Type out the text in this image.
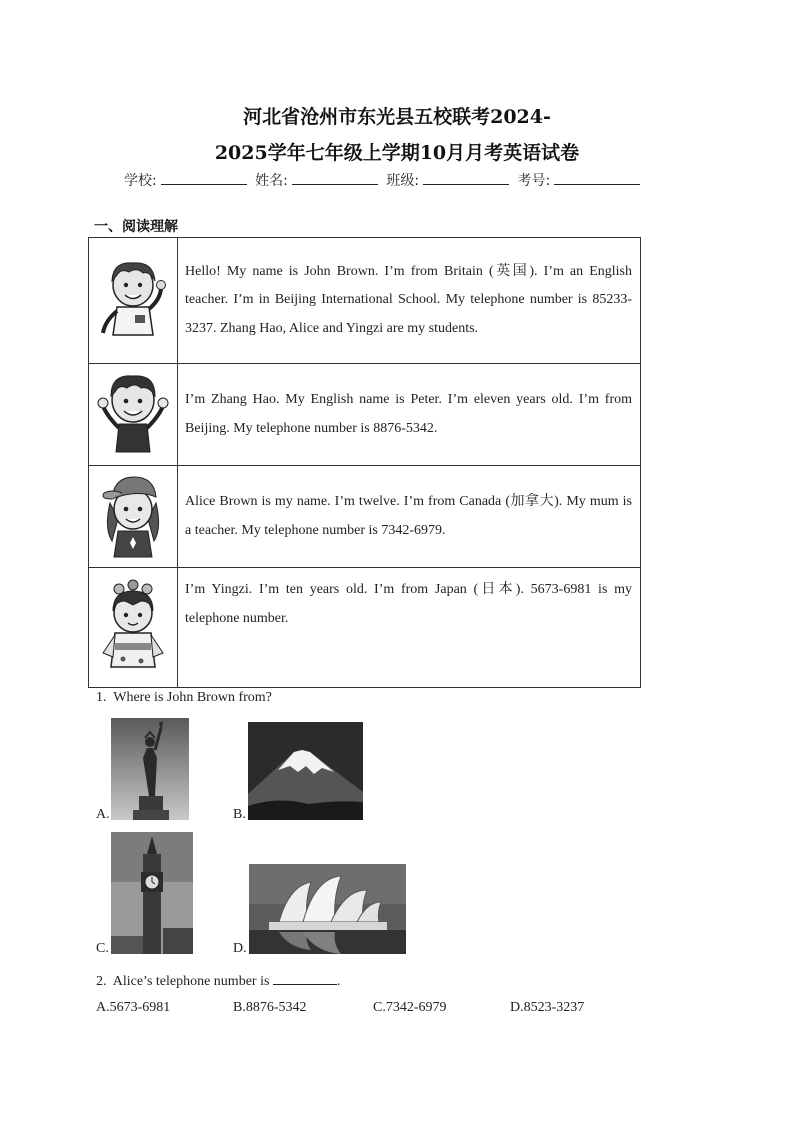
河北省沧州市东光县五校联考2024-
2025学年七年级上学期10月月考英语试卷
学校:	姓名:	班级:	考号:
一、阅读理解
	Hello! My name is John Brown. I’m from Britain (英国). I’m an English teacher. I’m in Beijing International School. My telephone number is 85233-3237. Zhang Hao, Alice and Yingzi are my students.
	I’m Zhang Hao. My English name is Peter. I’m eleven years old. I’m from Beijing. My telephone number is 8876-5342.
	Alice Brown is my name. I’m twelve. I’m from Canada (加拿大). My mum is a teacher. My telephone number is 7342-6979.
	I’m Yingzi. I’m ten years old. I’m from Japan (日本). 5673-6981 is my telephone number.
1. Where is John Brown from?
A.	B.
C.	D.
2. Alice’s telephone number is	.
A.5673-6981	B.8876-5342	C.7342-6979	D.8523-3237
